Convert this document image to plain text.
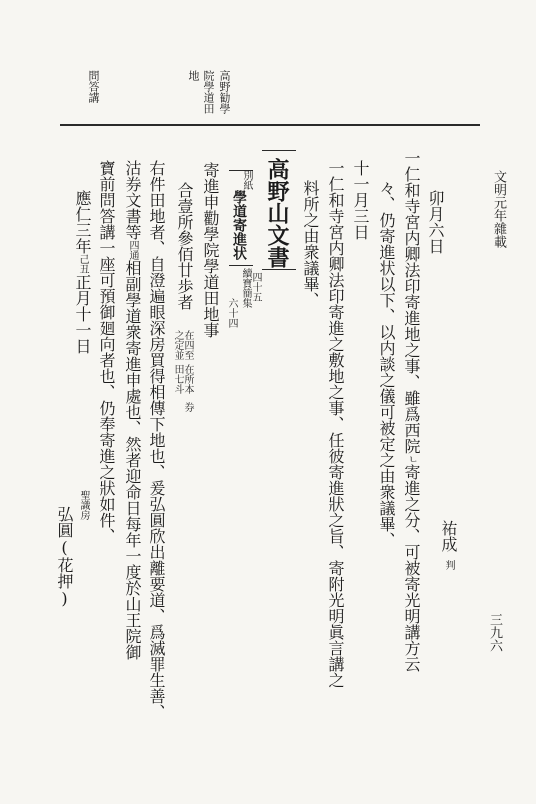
文明元年雜載
三九六
高野勧學
院學道田
地
問答講
卯月六日
一仁和寺宮内卿法印寄進地之事、雖爲西院ㄴ寄進之分、可被寄光明講方云
々、仍寄進状以下、以内談之儀可被定之由衆議畢、	祐成判
十一月三日
一仁和寺宮内卿法印寄進之敷地之事、任彼寄進狀之旨、寄附光明眞言講之
料所之由衆議畢、
高野山文書
四十五
續寶簡集
六十四
別紙
學道寄進状
寄進申勸學院學道田地事
合壹所參佰廿歩者
在四至
之定並
田七斗 在所本
券
右件田地者、自澄遍眼深房買得相傳下地也、爰弘圓欣出離要道、爲滅罪生善、
沽券文書等四通相副學道衆寄進申處也、然者迎命日每年一度於山王院御
寶前問答講一座可預御廻向者也、仍奉寄進之狀如件、
應仁三年己丑正月十一日
聖識房
弘圓(花押)
